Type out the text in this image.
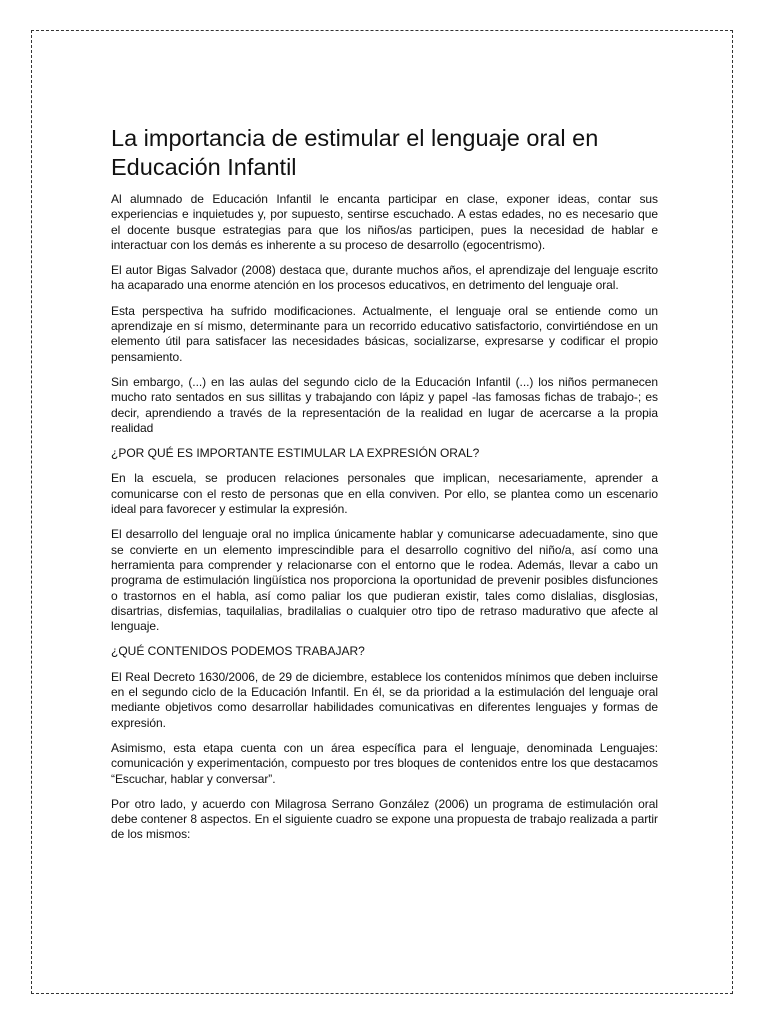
La importancia de estimular el lenguaje oral en Educación Infantil

Al alumnado de Educación Infantil le encanta participar en clase, exponer ideas, contar sus experiencias e inquietudes y, por supuesto, sentirse escuchado. A estas edades, no es necesario que el docente busque estrategias para que los niños/as participen, pues la necesidad de hablar e interactuar con los demás es inherente a su proceso de desarrollo (egocentrismo).

El autor Bigas Salvador (2008) destaca que, durante muchos años, el aprendizaje del lenguaje escrito ha acaparado una enorme atención en los procesos educativos, en detrimento del lenguaje oral.

Esta perspectiva ha sufrido modificaciones. Actualmente, el lenguaje oral se entiende como un aprendizaje en sí mismo, determinante para un recorrido educativo satisfactorio, convirtiéndose en un elemento útil para satisfacer las necesidades básicas, socializarse, expresarse y codificar el propio pensamiento.

Sin embargo, (...) en las aulas del segundo ciclo de la Educación Infantil (...) los niños permanecen mucho rato sentados en sus sillitas y trabajando con lápiz y papel -las famosas fichas de trabajo-; es decir, aprendiendo a través de la representación de la realidad en lugar de acercarse a la propia realidad

¿POR QUÉ ES IMPORTANTE ESTIMULAR LA EXPRESIÓN ORAL?

En la escuela, se producen relaciones personales que implican, necesariamente, aprender a comunicarse con el resto de personas que en ella conviven. Por ello, se plantea como un escenario ideal para favorecer y estimular la expresión.

El desarrollo del lenguaje oral no implica únicamente hablar y comunicarse adecuadamente, sino que se convierte en un elemento imprescindible para el desarrollo cognitivo del niño/a, así como una herramienta para comprender y relacionarse con el entorno que le rodea. Además, llevar a cabo un programa de estimulación lingüística nos proporciona la oportunidad de prevenir posibles disfunciones o trastornos en el habla, así como paliar los que pudieran existir, tales como dislalias, disglosias, disartrias, disfemias, taquilalias, bradilalias o cualquier otro tipo de retraso madurativo que afecte al lenguaje.

¿QUÉ CONTENIDOS PODEMOS TRABAJAR?

El Real Decreto 1630/2006, de 29 de diciembre, establece los contenidos mínimos que deben incluirse en el segundo ciclo de la Educación Infantil. En él, se da prioridad a la estimulación del lenguaje oral mediante objetivos como desarrollar habilidades comunicativas en diferentes lenguajes y formas de expresión.

Asimismo, esta etapa cuenta con un área específica para el lenguaje, denominada Lenguajes: comunicación y experimentación, compuesto por tres bloques de contenidos entre los que destacamos “Escuchar, hablar y conversar”.

Por otro lado, y acuerdo con Milagrosa Serrano González (2006) un programa de estimulación oral debe contener 8 aspectos. En el siguiente cuadro se expone una propuesta de trabajo realizada a partir de los mismos:
